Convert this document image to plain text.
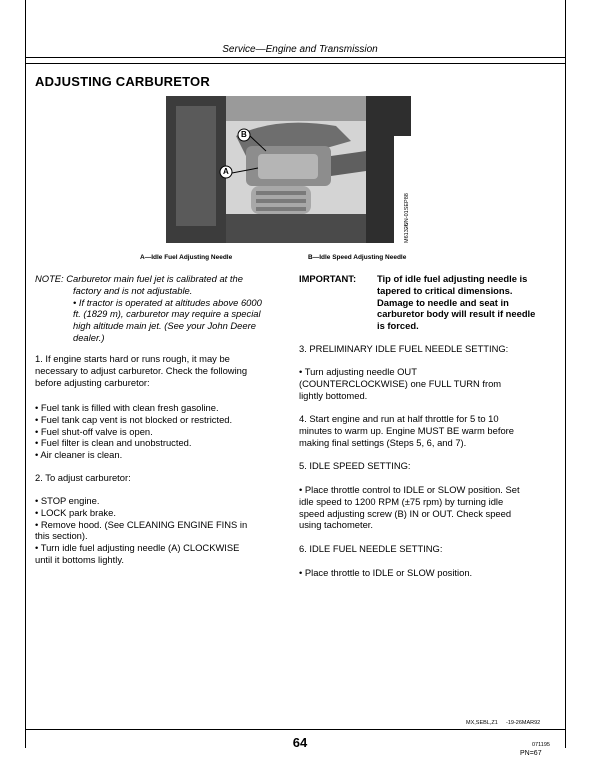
Service—Engine and Transmission
ADJUSTING CARBURETOR
B
A
-UN-01SEP88
M61326
A—Idle Fuel Adjusting Needle	B—Idle Speed Adjusting Needle
NOTE: Carburetor main fuel jet is calibrated at the
factory and is not adjustable.
• If tractor is operated at altitudes above 6000
ft. (1829 m), carburetor may require a special
high altitude main jet. (See your John Deere
dealer.)
1. If engine starts hard or runs rough, it may be
necessary to adjust carburetor. Check the following
before adjusting carburetor:
• Fuel tank is filled with clean fresh gasoline.
• Fuel tank cap vent is not blocked or restricted.
• Fuel shut-off valve is open.
• Fuel filter is clean and unobstructed.
• Air cleaner is clean.
2. To adjust carburetor:
• STOP engine.
• LOCK park brake.
• Remove hood. (See CLEANING ENGINE FINS in
this section).
• Turn idle fuel adjusting needle (A) CLOCKWISE
until it bottoms lightly.
IMPORTANT:	Tip of idle fuel adjusting needle is
tapered to critical dimensions.
Damage to needle and seat in
carburetor body will result if needle
is forced.
3. PRELIMINARY IDLE FUEL NEEDLE SETTING:
• Turn adjusting needle OUT
(COUNTERCLOCKWISE) one FULL TURN from
lightly bottomed.
4. Start engine and run at half throttle for 5 to 10
minutes to warm up. Engine MUST BE warm before
making final settings (Steps 5, 6, and 7).
5. IDLE SPEED SETTING:
• Place throttle control to IDLE or SLOW position. Set
idle speed to 1200 RPM (±75 rpm) by turning idle
speed adjusting screw (B) IN or OUT. Check speed
using tachometer.
6. IDLE FUEL NEEDLE SETTING:
• Place throttle to IDLE or SLOW position.
MX,SEBL,Z1 -19-26MAR92
64	071195
PN=67
